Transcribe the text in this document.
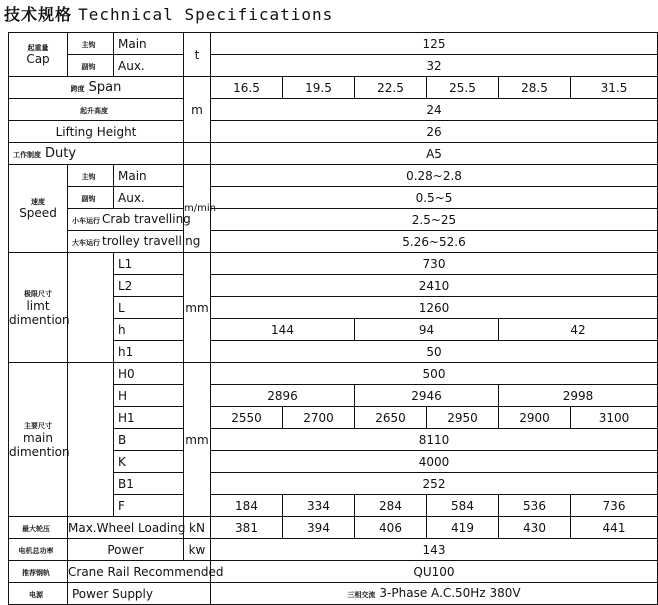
技术规格 Technical Specifications
起重量
Cap	主钩	Main	t	125					
	副钩	Aux.		32					
跨度 Span			m	16.5	19.5	22.5	25.5	28.5	31.5
起升高度				24					
Lifting Height				26					
工作制度 Duty				A5					

速度
Speed	主钩	Main	m/min	0.28~2.8					
	副钩	Aux.		0.5~5					
	小车运行 Crab travelling			2.5~25					
	大车运行 trolley travelling			5.26~52.6					

极限尺寸
limt
dimention		L1	mm	730					
		L2		2410					
		L		1260					
		h		144		94		42	
		h1		50					

主要尺寸
main
dimention		H0	mm	500					
		H		2896		2946		2998	
		H1		2550	2700	2650	2950	2900	3100
		B		8110					
		K		4000					
		B1		252					
		F		184	334	284	584	536	736
最大轮压	Max.Wheel Loading		kN	381	394	406	419	430	441
电机总功率	Power		kw	143					
推荐钢轨	Crane Rail Recommended			QU100					
电源	Power Supply			三相交流 3-Phase A.C.50Hz 380V					
